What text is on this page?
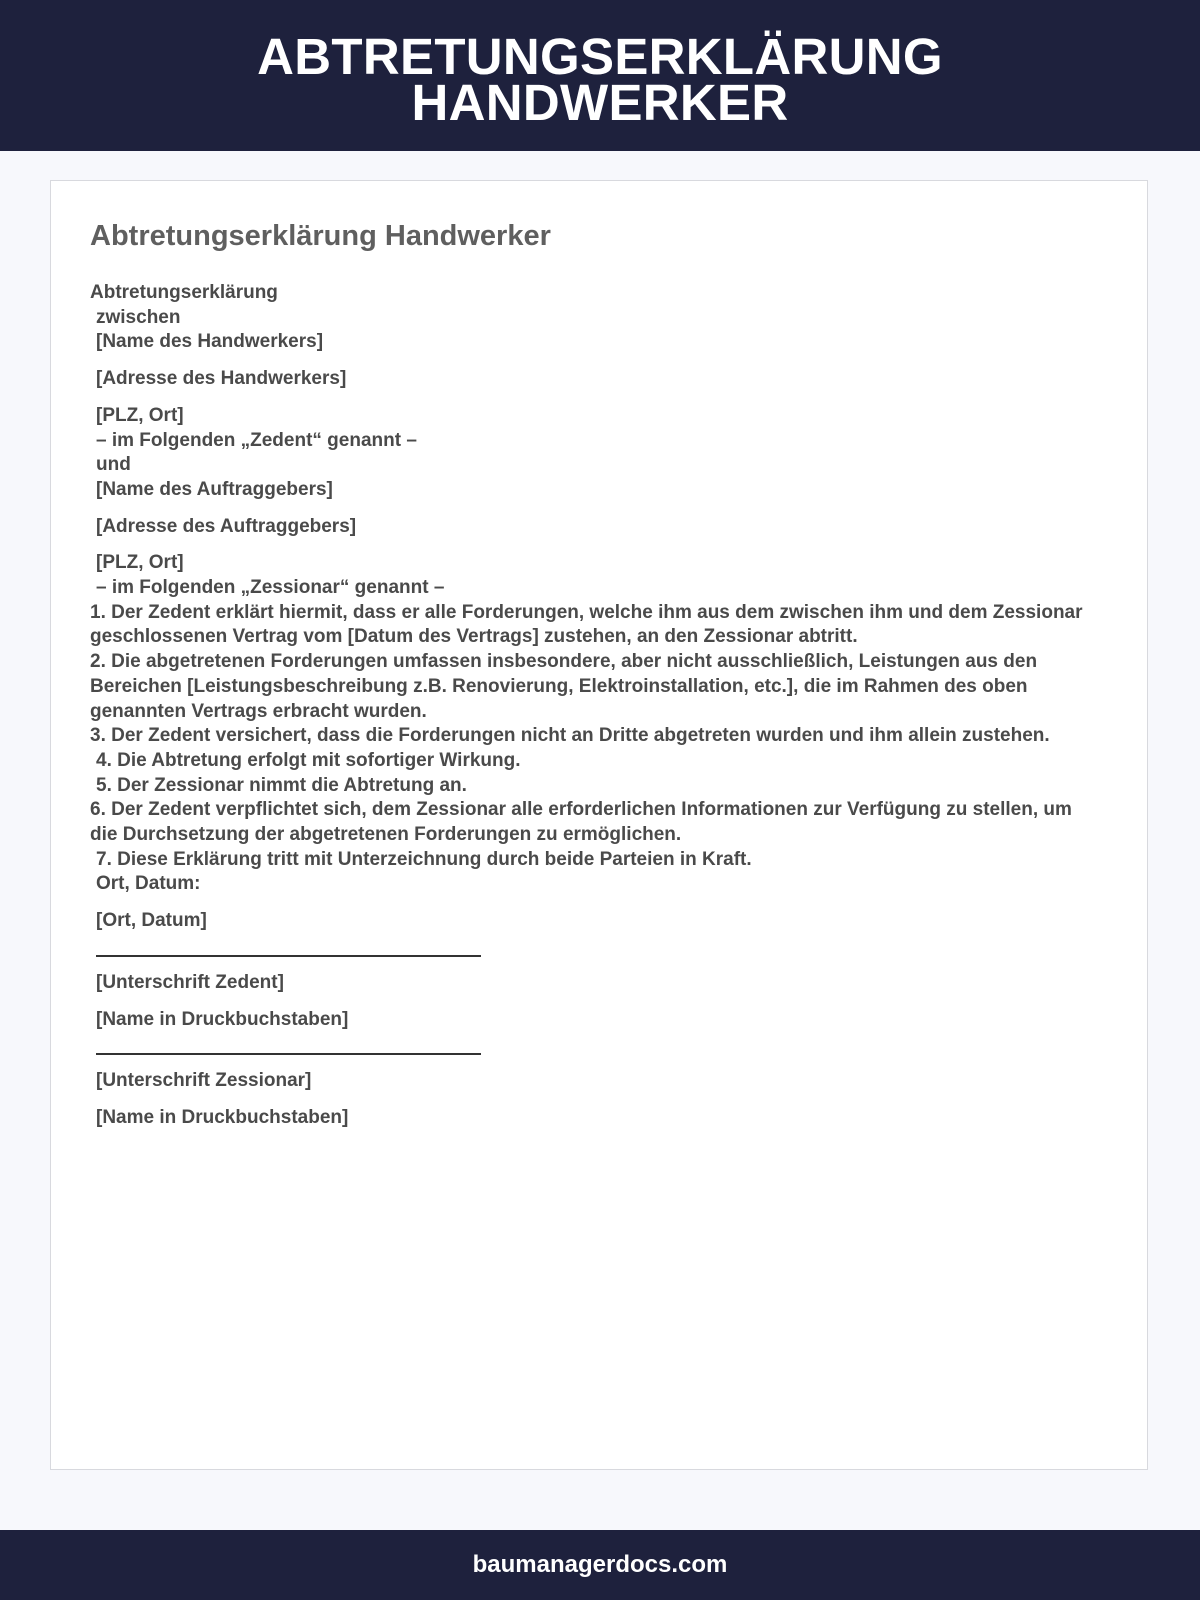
ABTRETUNGSERKLÄRUNG
HANDWERKER
Abtretungserklärung Handwerker
Abtretungserklärung
zwischen
[Name des Handwerkers]
[Adresse des Handwerkers]
[PLZ, Ort]
– im Folgenden „Zedent“ genannt –
und
[Name des Auftraggebers]
[Adresse des Auftraggebers]
[PLZ, Ort]
– im Folgenden „Zessionar“ genannt –
1. Der Zedent erklärt hiermit, dass er alle Forderungen, welche ihm aus dem zwischen ihm und dem Zessionar geschlossenen Vertrag vom [Datum des Vertrags] zustehen, an den Zessionar abtritt.
2. Die abgetretenen Forderungen umfassen insbesondere, aber nicht ausschließlich, Leistungen aus den Bereichen [Leistungsbeschreibung z.B. Renovierung, Elektroinstallation, etc.], die im Rahmen des oben genannten Vertrags erbracht wurden.
3. Der Zedent versichert, dass die Forderungen nicht an Dritte abgetreten wurden und ihm allein zustehen.
4. Die Abtretung erfolgt mit sofortiger Wirkung.
5. Der Zessionar nimmt die Abtretung an.
6. Der Zedent verpflichtet sich, dem Zessionar alle erforderlichen Informationen zur Verfügung zu stellen, um die Durchsetzung der abgetretenen Forderungen zu ermöglichen.
7. Diese Erklärung tritt mit Unterzeichnung durch beide Parteien in Kraft.
Ort, Datum:
[Ort, Datum]
[Unterschrift Zedent]
[Name in Druckbuchstaben]
[Unterschrift Zessionar]
[Name in Druckbuchstaben]
baumanagerdocs.com
